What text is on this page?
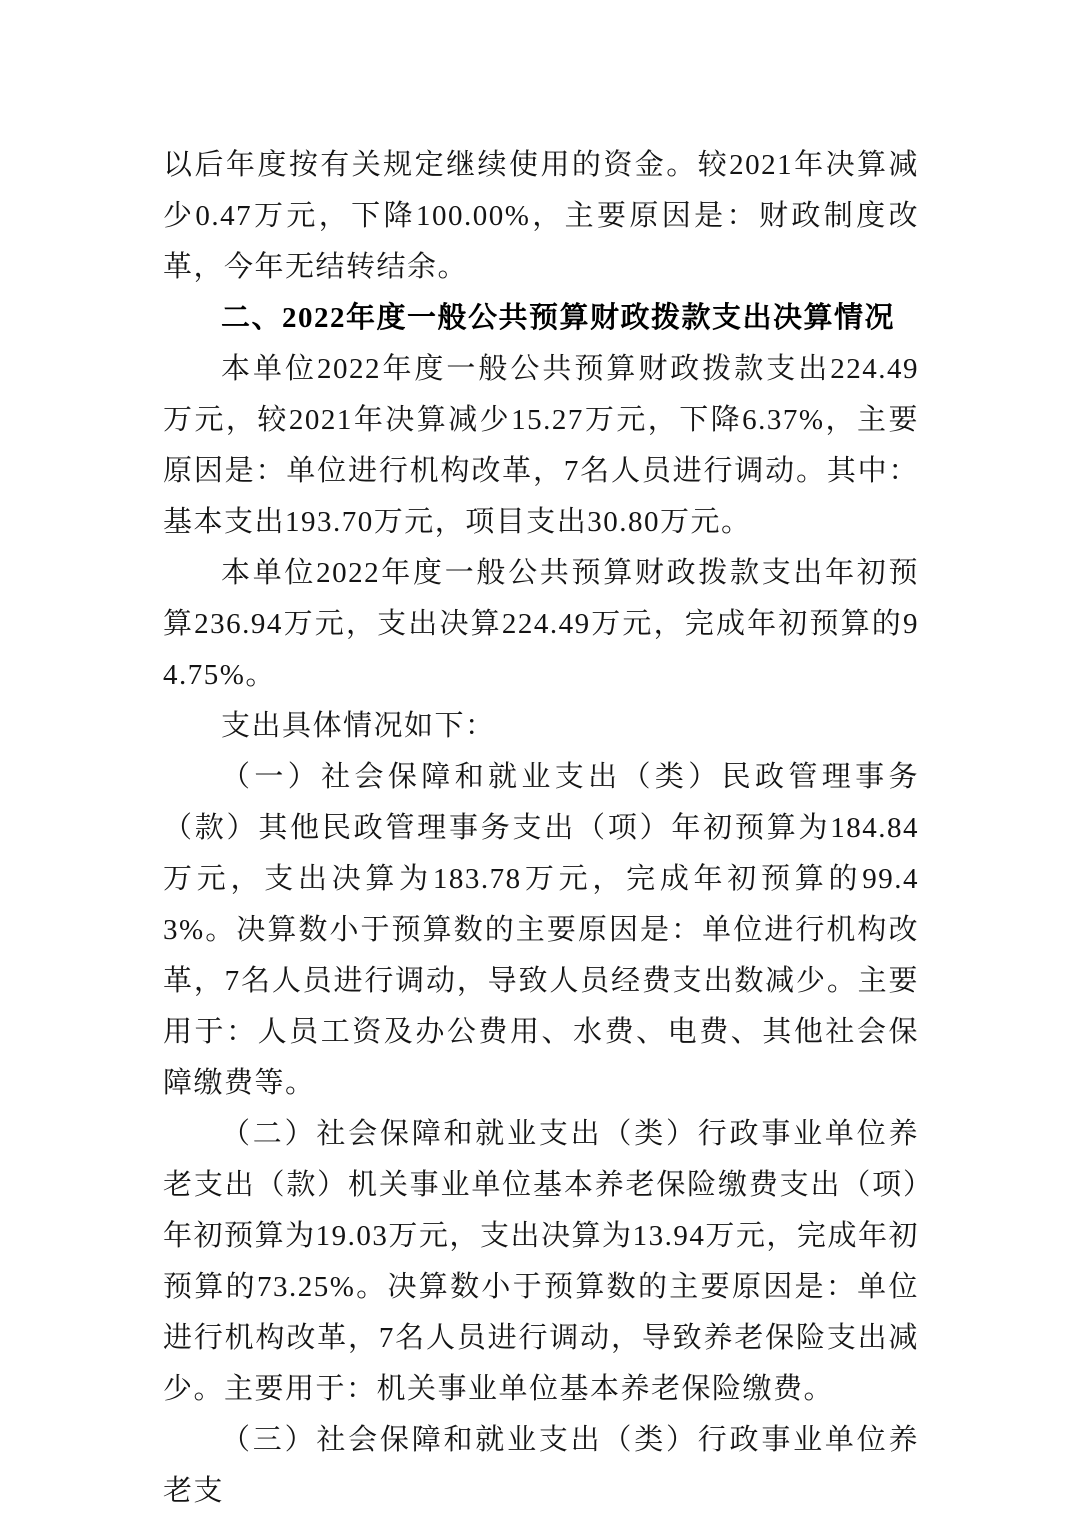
以后年度按有关规定继续使用的资金。较2021年决算减少0.47万元，下降100.00%，主要原因是：财政制度改革，今年无结转结余。

二、2022年度一般公共预算财政拨款支出决算情况

本单位2022年度一般公共预算财政拨款支出224.49万元，较2021年决算减少15.27万元，下降6.37%，主要原因是：单位进行机构改革，7名人员进行调动。其中：基本支出193.70万元，项目支出30.80万元。

本单位2022年度一般公共预算财政拨款支出年初预算236.94万元，支出决算224.49万元，完成年初预算的94.75%。

支出具体情况如下：

（一）社会保障和就业支出（类）民政管理事务（款）其他民政管理事务支出（项）年初预算为184.84万元，支出决算为183.78万元，完成年初预算的99.43%。决算数小于预算数的主要原因是：单位进行机构改革，7名人员进行调动，导致人员经费支出数减少。主要用于：人员工资及办公费用、水费、电费、其他社会保障缴费等。

（二）社会保障和就业支出（类）行政事业单位养老支出（款）机关事业单位基本养老保险缴费支出（项）年初预算为19.03万元，支出决算为13.94万元，完成年初预算的73.25%。决算数小于预算数的主要原因是：单位进行机构改革，7名人员进行调动，导致养老保险支出减少。主要用于：机关事业单位基本养老保险缴费。

（三）社会保障和就业支出（类）行政事业单位养老支
